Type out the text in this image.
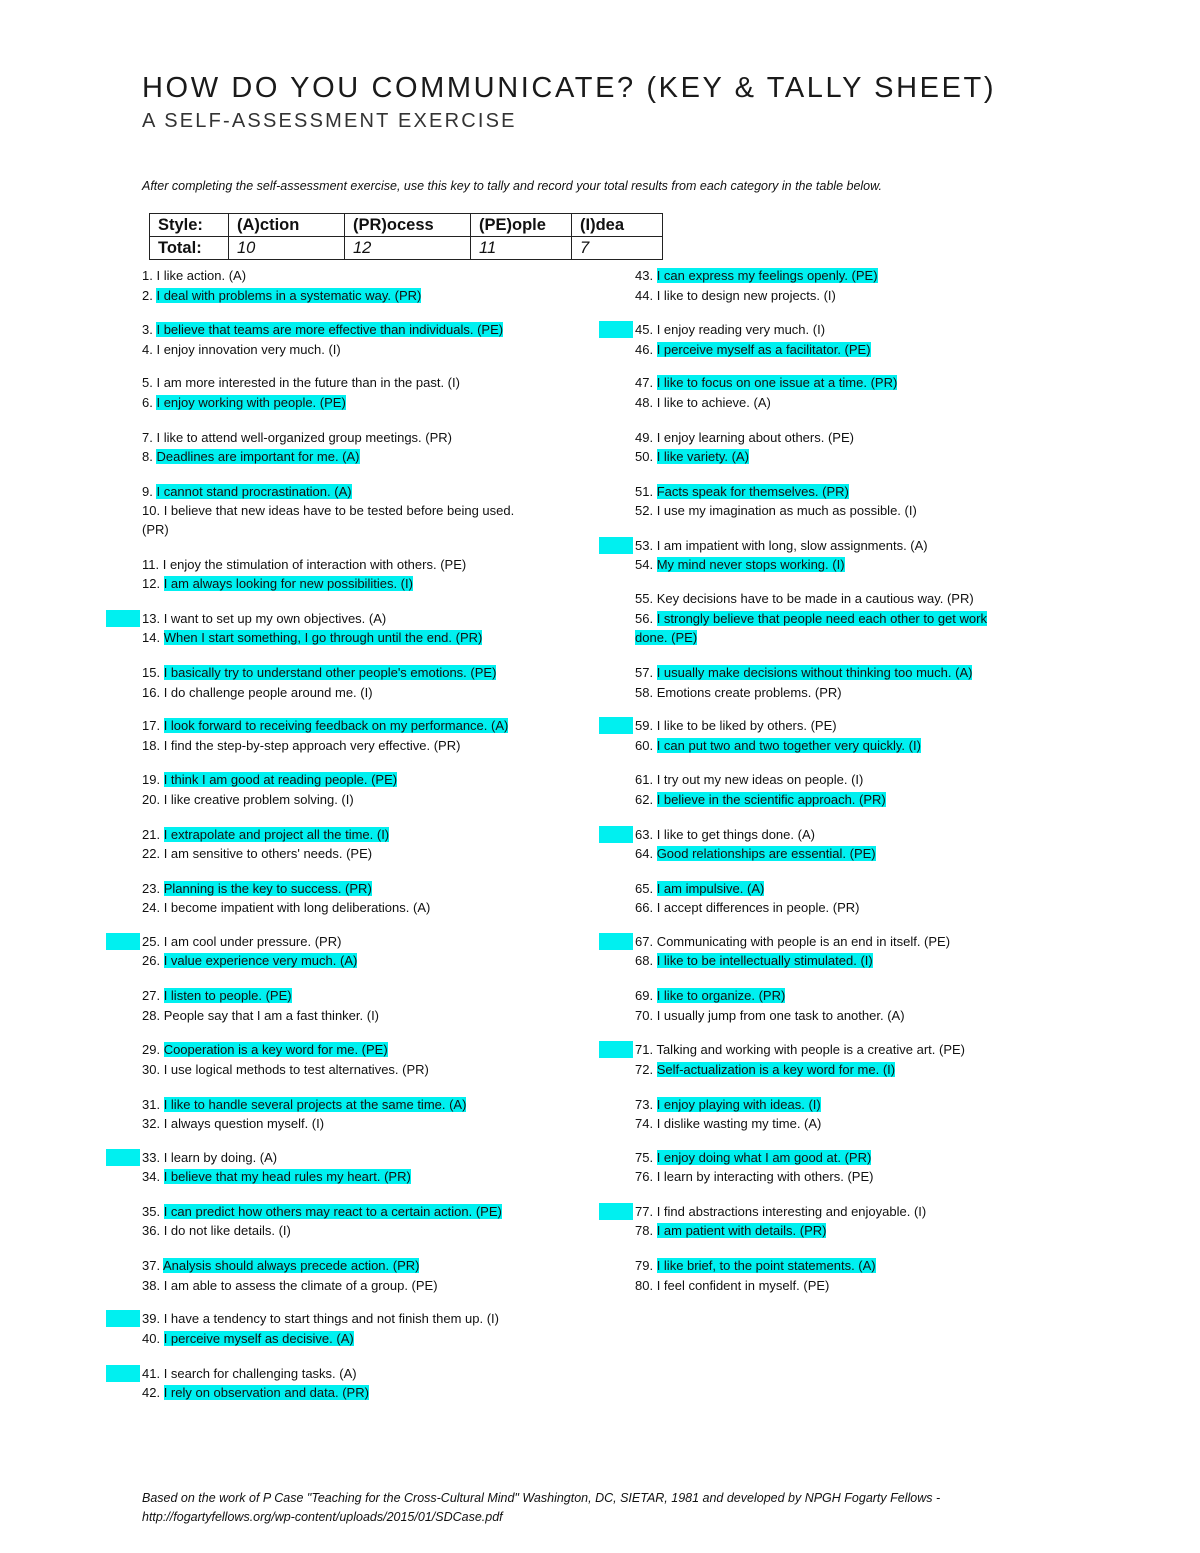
HOW DO YOU COMMUNICATE? (KEY & TALLY SHEET)
A SELF-ASSESSMENT EXERCISE
After completing the self-assessment exercise, use this key to tally and record your total results from each category in the table below.
Style:	(A)ction	(PR)ocess	(PE)ople	(I)dea
Total:	10	12	11	7
1. I like action. (A)
2. I deal with problems in a systematic way. (PR)
3. I believe that teams are more effective than individuals. (PE)
4. I enjoy innovation very much. (I)
5. I am more interested in the future than in the past. (I)
6. I enjoy working with people. (PE)
7. I like to attend well-organized group meetings. (PR)
8. Deadlines are important for me. (A)
9. I cannot stand procrastination. (A)
10. I believe that new ideas have to be tested before being used.
(PR)
11. I enjoy the stimulation of interaction with others. (PE)
12. I am always looking for new possibilities. (I)
13. I want to set up my own objectives. (A)
14. When I start something, I go through until the end. (PR)
15. I basically try to understand other people's emotions. (PE)
16. I do challenge people around me. (I)
17. I look forward to receiving feedback on my performance. (A)
18. I find the step-by-step approach very effective. (PR)
19. I think I am good at reading people. (PE)
20. I like creative problem solving. (I)
21. I extrapolate and project all the time. (I)
22. I am sensitive to others' needs. (PE)
23. Planning is the key to success. (PR)
24. I become impatient with long deliberations. (A)
25. I am cool under pressure. (PR)
26. I value experience very much. (A)
27. I listen to people. (PE)
28. People say that I am a fast thinker. (I)
29. Cooperation is a key word for me. (PE)
30. I use logical methods to test alternatives. (PR)
31. I like to handle several projects at the same time. (A)
32. I always question myself. (I)
33. I learn by doing. (A)
34. I believe that my head rules my heart. (PR)
35. I can predict how others may react to a certain action. (PE)
36. I do not like details. (I)
37. Analysis should always precede action. (PR)
38. I am able to assess the climate of a group. (PE)
39. I have a tendency to start things and not finish them up. (I)
40. I perceive myself as decisive. (A)
41. I search for challenging tasks. (A)
42. I rely on observation and data. (PR)
43. I can express my feelings openly. (PE)
44. I like to design new projects. (I)
45. I enjoy reading very much. (I)
46. I perceive myself as a facilitator. (PE)
47. I like to focus on one issue at a time. (PR)
48. I like to achieve. (A)
49. I enjoy learning about others. (PE)
50. I like variety. (A)
51. Facts speak for themselves. (PR)
52. I use my imagination as much as possible. (I)
53. I am impatient with long, slow assignments. (A)
54. My mind never stops working. (I)
55. Key decisions have to be made in a cautious way. (PR)
56. I strongly believe that people need each other to get work
done. (PE)
57. I usually make decisions without thinking too much. (A)
58. Emotions create problems. (PR)
59. I like to be liked by others. (PE)
60. I can put two and two together very quickly. (I)
61. I try out my new ideas on people. (I)
62. I believe in the scientific approach. (PR)
63. I like to get things done. (A)
64. Good relationships are essential. (PE)
65. I am impulsive. (A)
66. I accept differences in people. (PR)
67. Communicating with people is an end in itself. (PE)
68. I like to be intellectually stimulated. (I)
69. I like to organize. (PR)
70. I usually jump from one task to another. (A)
71. Talking and working with people is a creative art. (PE)
72. Self-actualization is a key word for me. (I)
73. I enjoy playing with ideas. (I)
74. I dislike wasting my time. (A)
75. I enjoy doing what I am good at. (PR)
76. I learn by interacting with others. (PE)
77. I find abstractions interesting and enjoyable. (I)
78. I am patient with details. (PR)
79. I like brief, to the point statements. (A)
80. I feel confident in myself. (PE)
Based on the work of P Case "Teaching for the Cross-Cultural Mind" Washington, DC, SIETAR, 1981 and developed by NPGH Fogarty Fellows -
http://fogartyfellows.org/wp-content/uploads/2015/01/SDCase.pdf
